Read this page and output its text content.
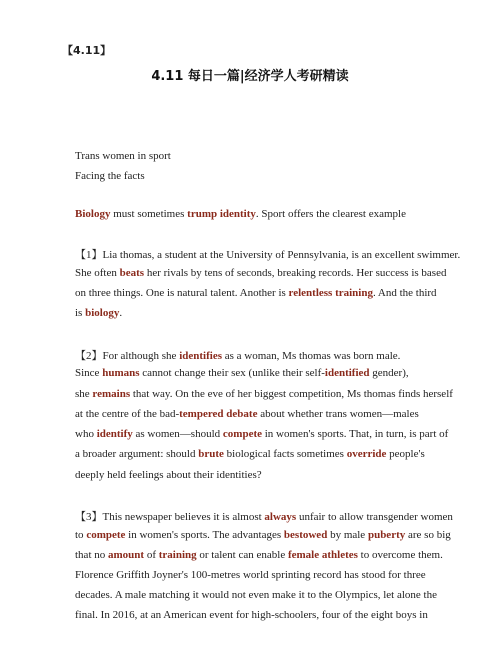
【4.11】
4.11 每日一篇|经济学人考研精读
Trans women in sport
Facing the facts
Biology must sometimes trump identity. Sport offers the clearest example
【1】Lia thomas, a student at the University of Pennsylvania, is an excellent swimmer.
She often beats her rivals by tens of seconds, breaking records. Her success is based
on three things. One is natural talent. Another is relentless training. And the third
is biology.
【2】For although she identifies as a woman, Ms thomas was born male.
Since humans cannot change their sex (unlike their self-identified gender),
she remains that way. On the eve of her biggest competition, Ms thomas finds herself
at the centre of the bad-tempered debate about whether trans women—males
who identify as women—should compete in women's sports. That, in turn, is part of
a broader argument: should brute biological facts sometimes override people's
deeply held feelings about their identities?
【3】This newspaper believes it is almost always unfair to allow transgender women
to compete in women's sports. The advantages bestowed by male puberty are so big
that no amount of training or talent can enable female athletes to overcome them.
Florence Griffith Joyner's 100-metres world sprinting record has stood for three
decades. A male matching it would not even make it to the Olympics, let alone the
final. In 2016, at an American event for high-schoolers, four of the eight boys in
